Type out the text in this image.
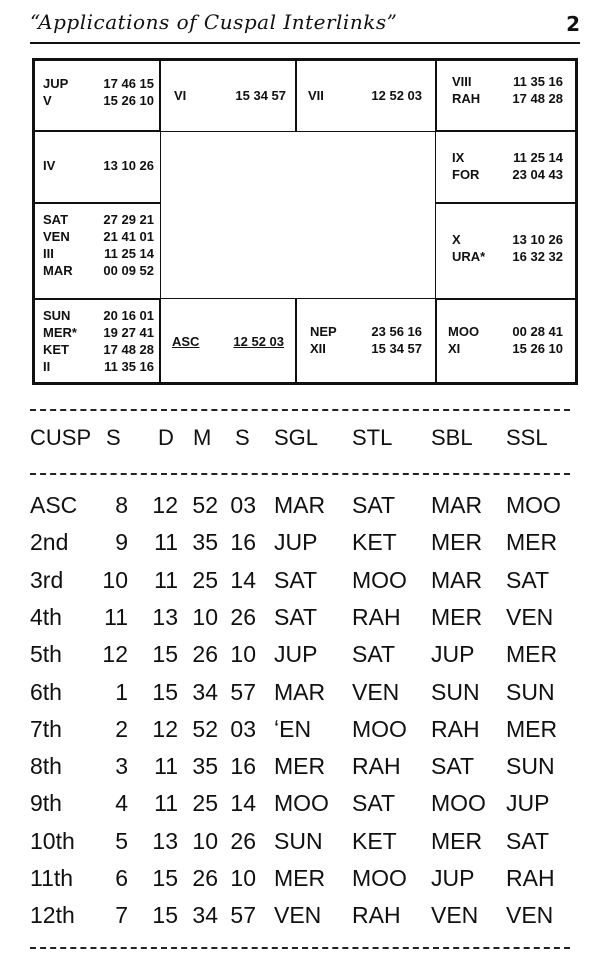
“Applications of Cuspal Interlinks”	2
JUP	17 46 15
V	15 26 10 VI	15 34 57 VII	12 52 03
VIII	11 35 16
RAH 17 48 28
IV	13 10 26
IX	11 25 14
FOR	23 04 43
SAT	27 29 21
VEN	21 41 01
III	11 25 14
MAR 00 09 52
X	13 10 26
URA* 16 32 32
SUN	20 16 01
MER* 19 27 41
KET	17 48 28
II	11 35 16
ASC	12 52 03
NEP	23 56 16
XII	15 34 57
MOO	00 28 41
XI	15 26 10
CUSP S D M S SGL STL SBL SSL
ASC	8 12 52 03 MAR	SAT	MAR	MOO
2nd	9	11 35 16 JUP	KET	MER	MER
3rd	10	11 25 14 SAT	MOO	MAR	SAT
4th	11 13 10 26 SAT	RAH	MER	VEN
5th	12 15 26 10 JUP	SAT	JUP	MER
6th	1 15 34 57 MAR	VEN	SUN	SUN
7th	2 12 52 03 ʻEN	MOO	RAH	MER
8th	3	11 35 16 MER	RAH	SAT	SUN
9th	4	11 25 14 MOO	SAT	MOO JUP
10th	5 13 10 26 SUN	KET	MER	SAT
11th	6 15 26 10 MER	MOO	JUP	RAH
12th	7 15 34 57 VEN	RAH	VEN	VEN
